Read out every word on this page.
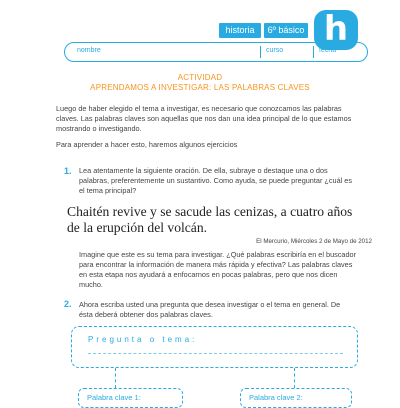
historia	6º básico h
nombre	curso	fecha
ACTIVIDAD
APRENDAMOS A INVESTIGAR: LAS PALABRAS CLAVES
Luego de haber elegido el tema a investigar, es necesario que conozcamos las palabras claves. Las palabras claves son aquellas que nos dan una idea principal de lo que estamos mostrando o investigando.
Para aprender a hacer esto, haremos algunos ejercicios
1. Lea atentamente la siguiente oración. De ella, subraye o destaque una o dos palabras, preferentemente un sustantivo. Como ayuda, se puede preguntar ¿cuál es el tema principal?
Chaitén revive y se sacude las cenizas, a cuatro años de la erupción del volcán.
El Mercurio, Miércoles 2 de Mayo de 2012
Imagine que este es su tema para investigar. ¿Qué palabras escribiría en el buscador para encontrar la información de manera más rápida y efectiva? Las palabras claves en esta etapa nos ayudará a enfocarnos en pocas palabras, pero que nos dicen mucho.
2. Ahora escriba usted una pregunta que desea investigar o el tema en general. De ésta deberá obtener dos palabras claves.
Pregunta o tema:
Palabra clave 1:	Palabra clave 2:
